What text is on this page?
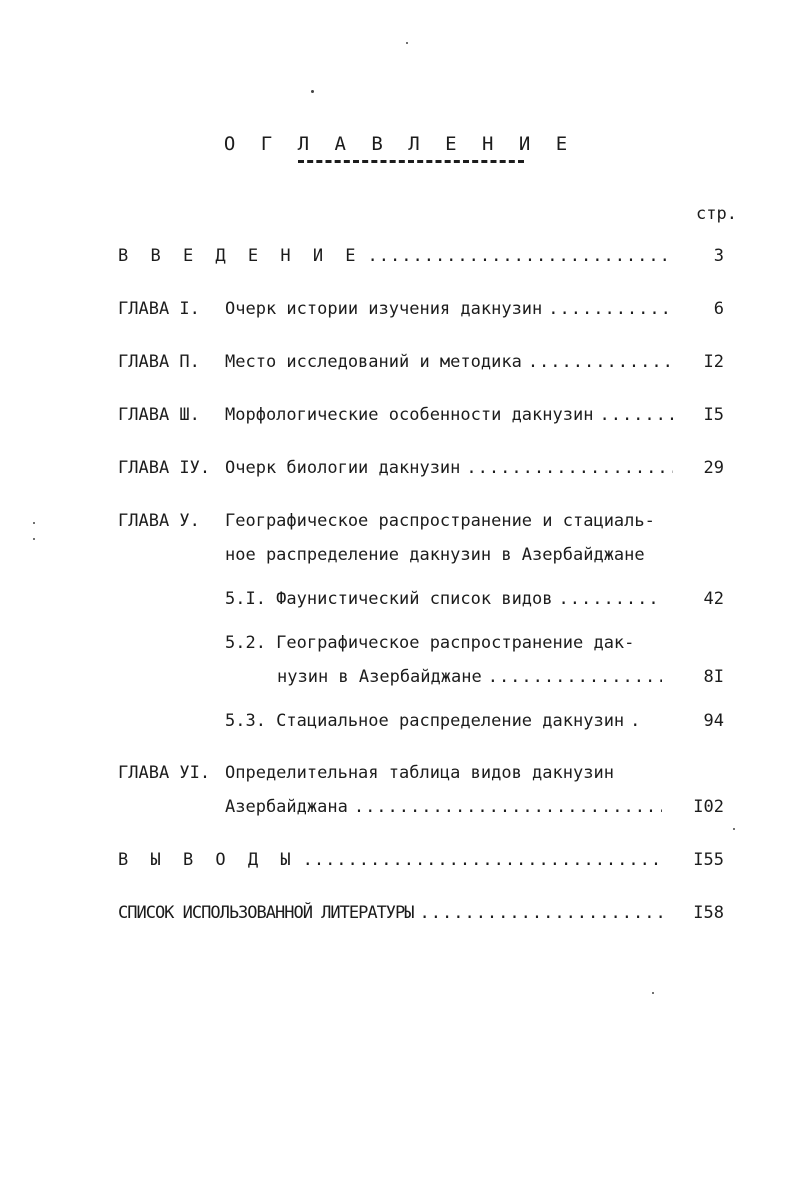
О Г Л А В Л Е Н И Е
стр.
В В Е Д Е Н И Е .....	3
ГЛАВА I.	Очерк истории изучения дакнузин .....	6
ГЛАВА П.	Место исследований и методика .....	I2
ГЛАВА Ш.	Морфологические особенности дакнузин .....	I5
ГЛАВА IУ. Очерк биологии дакнузин .....	29
ГЛАВА У. Географическое распространение и стациаль-
ное распределение дакнузин в Азербайджане
5.I. Фаунистический список видов .....	42
5.2. Географическое распространение дак-
нузин в Азербайджане .....	8I
5.3. Стациальное распределение дакнузин .	94
ГЛАВА УI. Определительная таблица видов дакнузин
Азербайджана .....	I02
В Ы В О Д Ы .....	I55
СПИСОК ИСПОЛЬЗОВАННОЙ ЛИТЕРАТУРЫ .....	I58
